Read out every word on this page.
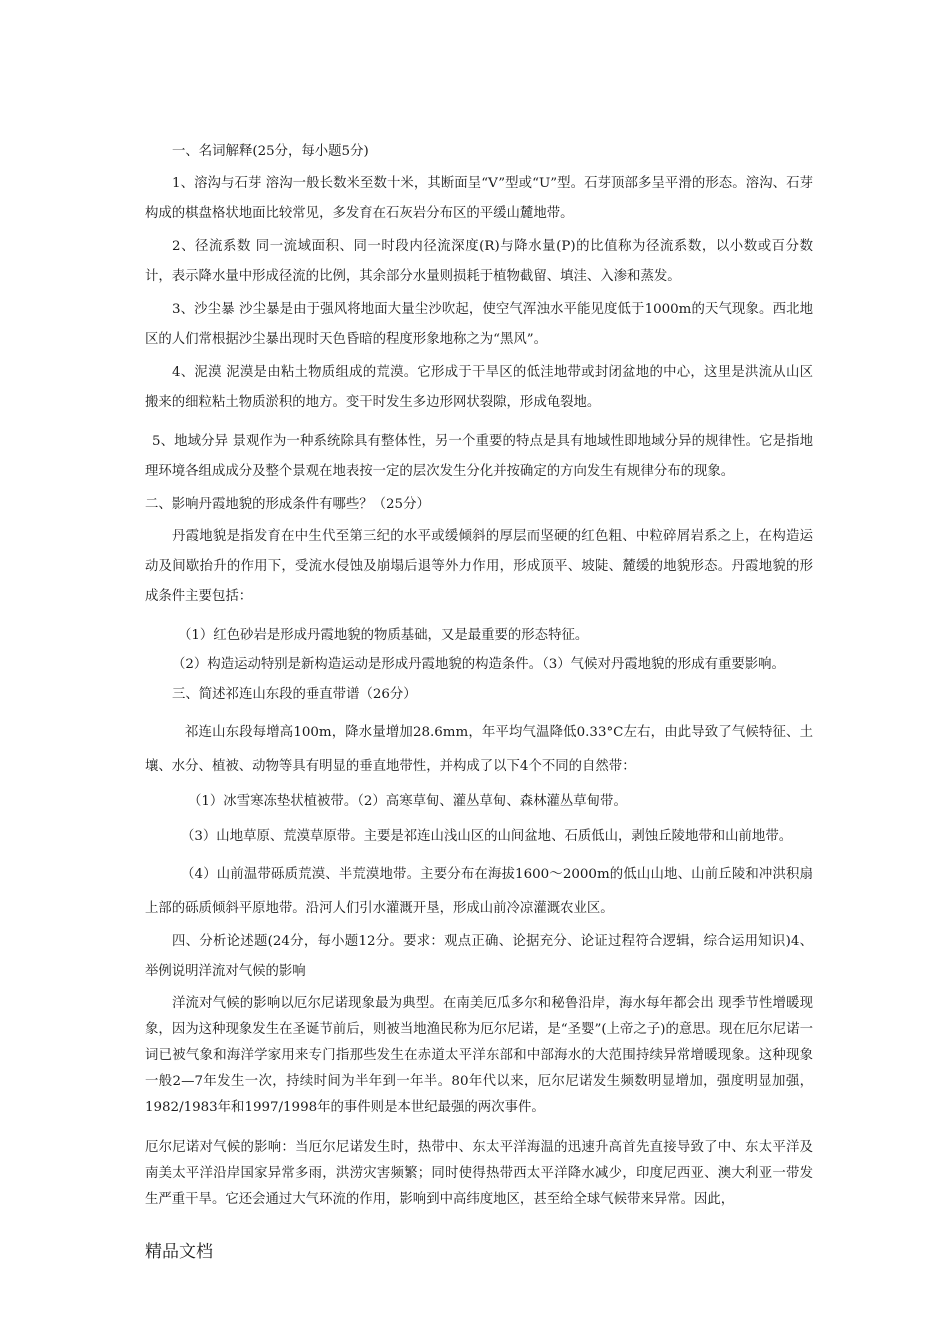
一、名词解释(25分，每小题5分)
1、溶沟与石芽 溶沟一般长数米至数十米，其断面呈“V”型或“U”型。石芽顶部多呈平滑的形态。溶沟、石芽构成的棋盘格状地面比较常见，多发育在石灰岩分布区的平缓山麓地带。
2、径流系数 同一流域面积、同一时段内径流深度(R)与降水量(P)的比值称为径流系数，以小数或百分数计，表示降水量中形成径流的比例，其余部分水量则损耗于植物截留、填洼、入渗和蒸发。
3、沙尘暴 沙尘暴是由于强风将地面大量尘沙吹起，使空气浑浊水平能见度低于1000m的天气现象。西北地区的人们常根据沙尘暴出现时天色昏暗的程度形象地称之为“黑风”。
4、泥漠 泥漠是由粘土物质组成的荒漠。它形成于干旱区的低洼地带或封闭盆地的中心，这里是洪流从山区搬来的细粒粘土物质淤积的地方。变干时发生多边形网状裂隙，形成龟裂地。
5、地域分异 景观作为一种系统除具有整体性，另一个重要的特点是具有地域性即地域分异的规律性。它是指地理环境各组成成分及整个景观在地表按一定的层次发生分化并按确定的方向发生有规律分布的现象。
二、影响丹霞地貌的形成条件有哪些？（25分）
丹霞地貌是指发育在中生代至第三纪的水平或缓倾斜的厚层而坚硬的红色粗、中粒碎屑岩系之上，在构造运动及间歇抬升的作用下，受流水侵蚀及崩塌后退等外力作用，形成顶平、坡陡、麓缓的地貌形态。丹霞地貌的形成条件主要包括：
（1）红色砂岩是形成丹霞地貌的物质基础，又是最重要的形态特征。
（2）构造运动特别是新构造运动是形成丹霞地貌的构造条件。（3）气候对丹霞地貌的形成有重要影响。
三、简述祁连山东段的垂直带谱（26分）
祁连山东段每增高100m，降水量增加28.6mm，年平均气温降低0.33°C左右，由此导致了气候特征、土壤、水分、植被、动物等具有明显的垂直地带性，并构成了以下4个不同的自然带：
（1）冰雪寒冻垫状植被带。（2）高寒草甸、灌丛草甸、森林灌丛草甸带。
（3）山地草原、荒漠草原带。主要是祁连山浅山区的山间盆地、石质低山，剥蚀丘陵地带和山前地带。
（4）山前温带砾质荒漠、半荒漠地带。主要分布在海拔1600～2000m的低山山地、山前丘陵和冲洪积扇上部的砾质倾斜平原地带。沿河人们引水灌溉开垦，形成山前冷凉灌溉农业区。
四、分析论述题(24分，每小题12分。要求：观点正确、论据充分、论证过程符合逻辑，综合运用知识)4、举例说明洋流对气候的影响
洋流对气候的影响以厄尔尼诺现象最为典型。在南美厄瓜多尔和秘鲁沿岸，海水每年都会出 现季节性增暖现象，因为这种现象发生在圣诞节前后，则被当地渔民称为厄尔尼诺，是“圣婴”(上帝之子)的意思。现在厄尔尼诺一词已被气象和海洋学家用来专门指那些发生在赤道太平洋东部和中部海水的大范围持续异常增暖现象。这种现象一般2—7年发生一次，持续时间为半年到一年半。80年代以来，厄尔尼诺发生频数明显增加，强度明显加强，1982/1983年和1997/1998年的事件则是本世纪最强的两次事件。
厄尔尼诺对气候的影响：当厄尔尼诺发生时，热带中、东太平洋海温的迅速升高首先直接导致了中、东太平洋及南美太平洋沿岸国家异常多雨，洪涝灾害频繁；同时使得热带西太平洋降水减少，印度尼西亚、澳大利亚一带发生严重干旱。它还会通过大气环流的作用，影响到中高纬度地区，甚至给全球气候带来异常。因此，
精品文档
